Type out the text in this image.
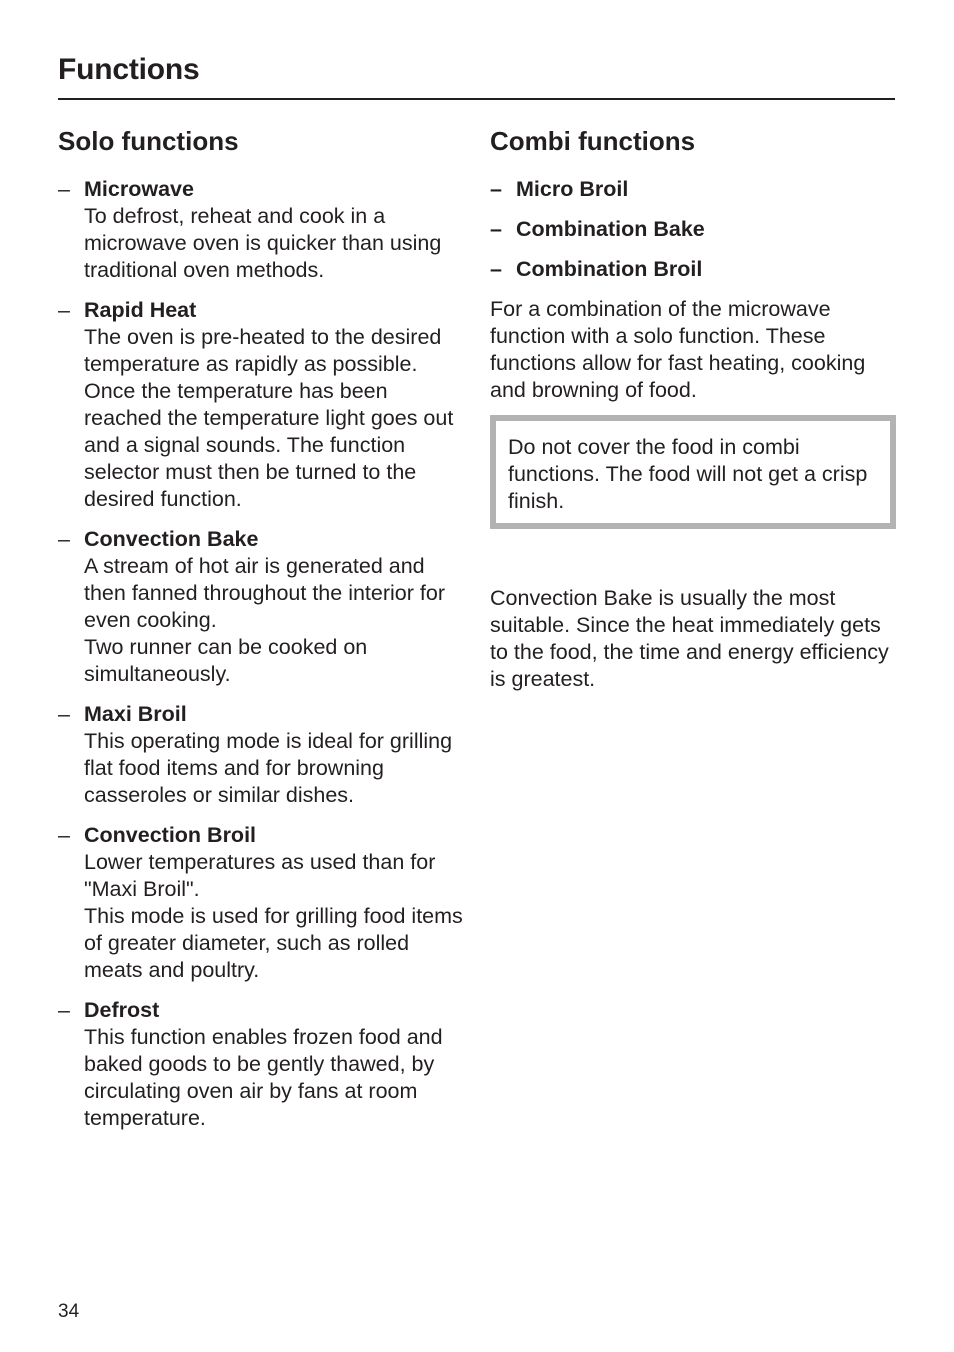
Functions
Solo functions
– Microwave
To defrost, reheat and cook in a microwave oven is quicker than using traditional oven methods.
– Rapid Heat
The oven is pre-heated to the desired temperature as rapidly as possible. Once the temperature has been reached the temperature light goes out and a signal sounds. The function selector must then be turned to the desired function.
– Convection Bake
A stream of hot air is generated and then fanned throughout the interior for even cooking.
Two runner can be cooked on simultaneously.
– Maxi Broil
This operating mode is ideal for grilling flat food items and for browning casseroles or similar dishes.
– Convection Broil
Lower temperatures as used than for "Maxi Broil".
This mode is used for grilling food items of greater diameter, such as rolled meats and poultry.
– Defrost
This function enables frozen food and baked goods to be gently thawed, by circulating oven air by fans at room temperature.
Combi functions
– Micro Broil
– Combination Bake
– Combination Broil

For a combination of the microwave function with a solo function. These functions allow for fast heating, cooking and browning of food.

Do not cover the food in combi functions. The food will not get a crisp finish.

Convection Bake is usually the most suitable. Since the heat immediately gets to the food, the time and energy efficiency is greatest.

34
